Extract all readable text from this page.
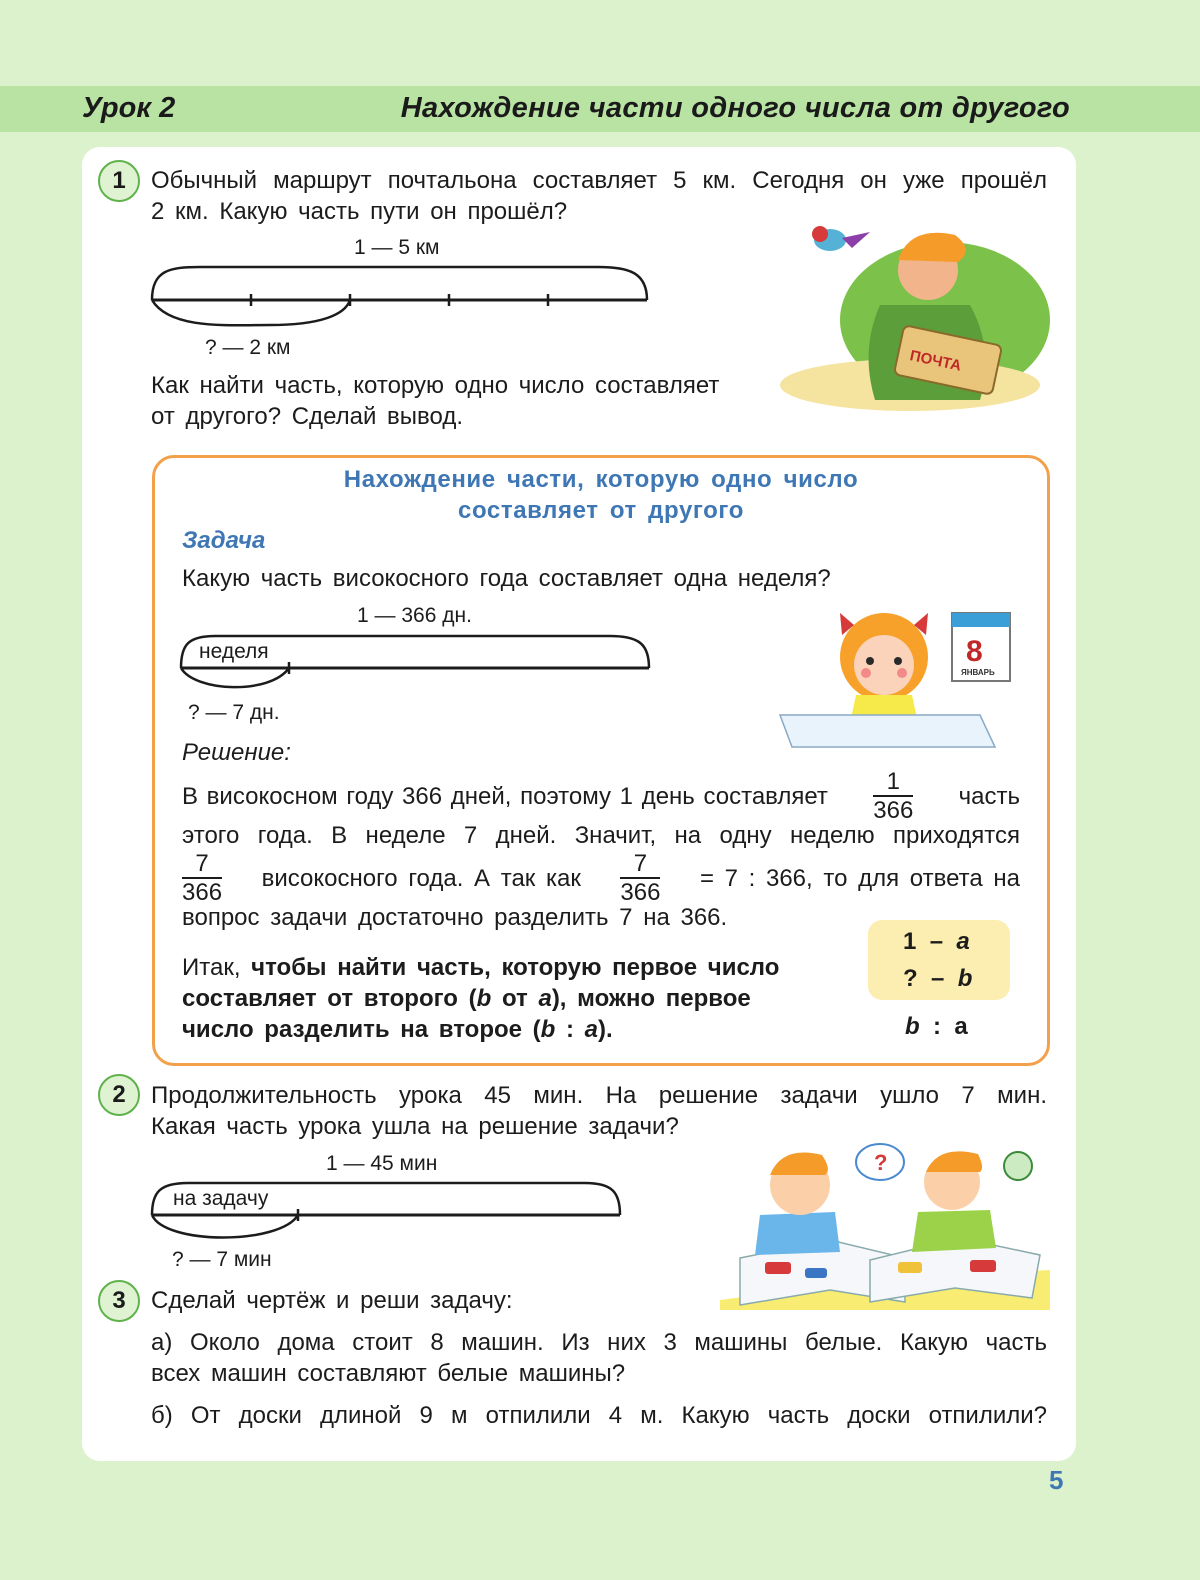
Урок 2	Нахождение части одного числа от другого
1	Обычный маршрут почтальона составляет 5 км. Сегодня он уже прошёл
2 км. Какую часть пути он прошёл?
1 — 5 км
? — 2 км
Как найти часть, которую одно число составляет
от другого? Сделай вывод.
ПОЧТА
Нахождение части, которую одно число
составляет от другого
Задача
Какую часть високосного года составляет одна неделя?
1 — 366 дн.
неделя
? — 7 дн.
8
ЯНВАРЬ
Решение:
В високосном году 366 дней, поэтому 1 день составляет $\frac{1}{366}$ часть
этого года. В неделе 7 дней. Значит, на одну неделю приходятся
$\frac{7}{366}$ високосного года. А так как $\frac{7}{366} = 7$ : 366, то для ответа на
вопрос задачи достаточно разделить 7 на 366.
Итак, чтобы найти часть, которую первое число
составляет от второго (b от a), можно первое
число разделить на второе (b : a).
1 – a
? – b
b : a
2	Продолжительность урока 45 мин. На решение задачи ушло 7 мин.
Какая часть урока ушла на решение задачи?
1 — 45 мин
на задачу
? — 7 мин
?
3	Сделай чертёж и реши задачу:
а) Около дома стоит 8 машин. Из них 3 машины белые. Какую часть
всех машин составляют белые машины?
б) От доски длиной 9 м отпилили 4 м. Какую часть доски отпилили?
5
